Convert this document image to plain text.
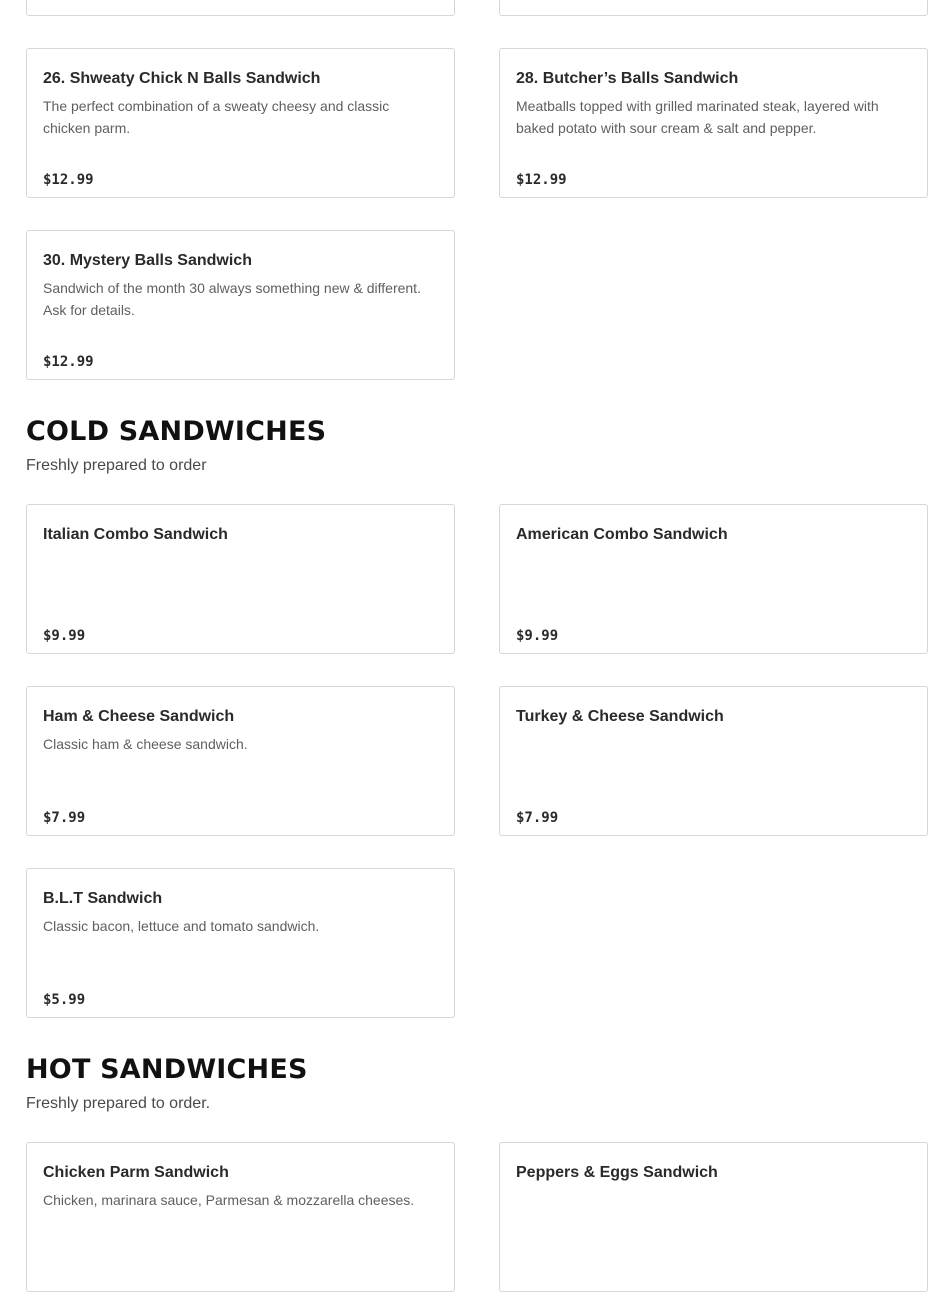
26. Shweaty Chick N Balls Sandwich
The perfect combination of a sweaty cheesy and classic chicken parm.
$12.99
28. Butcher’s Balls Sandwich
Meatballs topped with grilled marinated steak, layered with baked potato with sour cream & salt and pepper.
$12.99
30. Mystery Balls Sandwich
Sandwich of the month 30 always something new & different. Ask for details.
$12.99
COLD SANDWICHES
Freshly prepared to order
Italian Combo Sandwich
$9.99
American Combo Sandwich
$9.99
Ham & Cheese Sandwich
Classic ham & cheese sandwich.
$7.99
Turkey & Cheese Sandwich
$7.99
B.L.T Sandwich
Classic bacon, lettuce and tomato sandwich.
$5.99
HOT SANDWICHES
Freshly prepared to order.
Chicken Parm Sandwich
Chicken, marinara sauce, Parmesan & mozzarella cheeses.
Peppers & Eggs Sandwich
